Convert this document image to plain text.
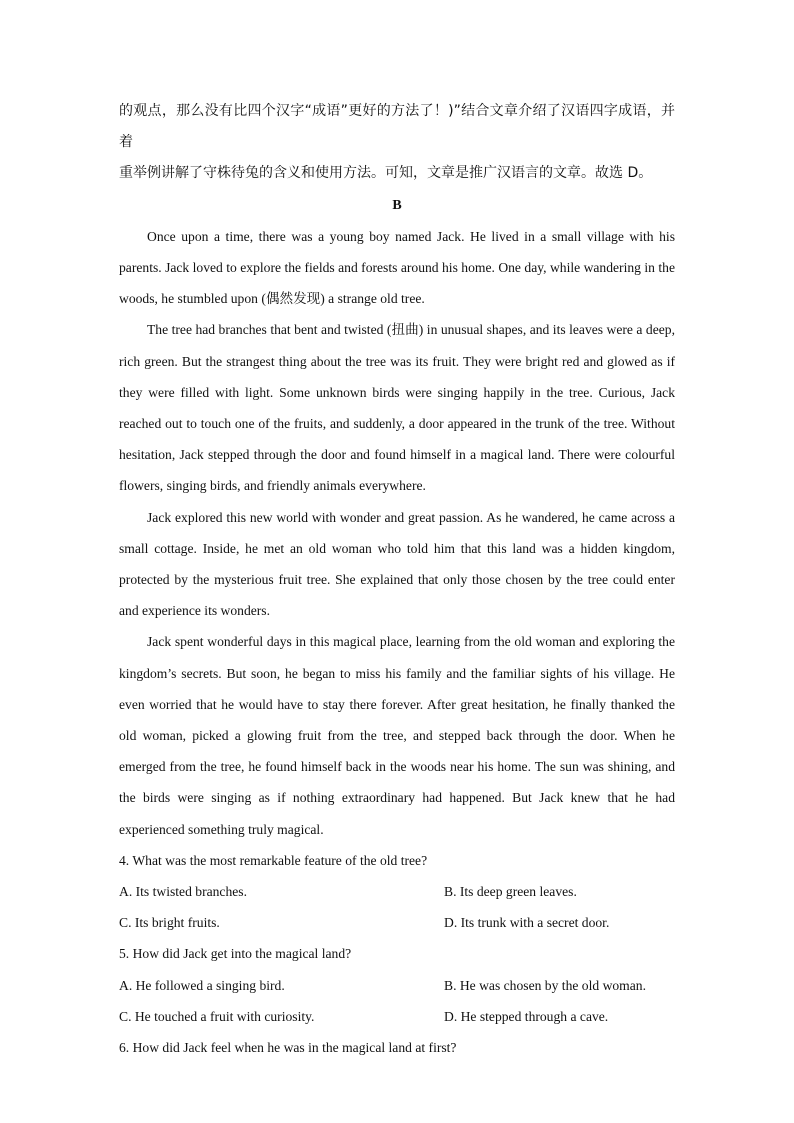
的观点，那么没有比四个汉字“成语”更好的方法了！)”结合文章介绍了汉语四字成语，并着

重举例讲解了守株待兔的含义和使用方法。可知，文章是推广汉语言的文章。故选 D。

B

Once upon a time, there was a young boy named Jack. He lived in a small village with his parents. Jack loved to explore the fields and forests around his home. One day, while wandering in the woods, he stumbled upon (偶然发现) a strange old tree.

The tree had branches that bent and twisted (扭曲) in unusual shapes, and its leaves were a deep, rich green. But the strangest thing about the tree was its fruit. They were bright red and glowed as if they were filled with light. Some unknown birds were singing happily in the tree. Curious, Jack reached out to touch one of the fruits, and suddenly, a door appeared in the trunk of the tree. Without hesitation, Jack stepped through the door and found himself in a magical land. There were colourful flowers, singing birds, and friendly animals everywhere.

Jack explored this new world with wonder and great passion. As he wandered, he came across a small cottage. Inside, he met an old woman who told him that this land was a hidden kingdom, protected by the mysterious fruit tree. She explained that only those chosen by the tree could enter and experience its wonders.

Jack spent wonderful days in this magical place, learning from the old woman and exploring the kingdom’s secrets. But soon, he began to miss his family and the familiar sights of his village. He even worried that he would have to stay there forever. After great hesitation, he finally thanked the old woman, picked a glowing fruit from the tree, and stepped back through the door. When he emerged from the tree, he found himself back in the woods near his home. The sun was shining, and the birds were singing as if nothing extraordinary had happened. But Jack knew that he had experienced something truly magical.

4. What was the most remarkable feature of the old tree?

A. Its twisted branches.	B. Its deep green leaves.
C. Its bright fruits.	D. Its trunk with a secret door.

5. How did Jack get into the magical land?

A. He followed a singing bird.	B. He was chosen by the old woman.
C. He touched a fruit with curiosity.	D. He stepped through a cave.

6. How did Jack feel when he was in the magical land at first?
